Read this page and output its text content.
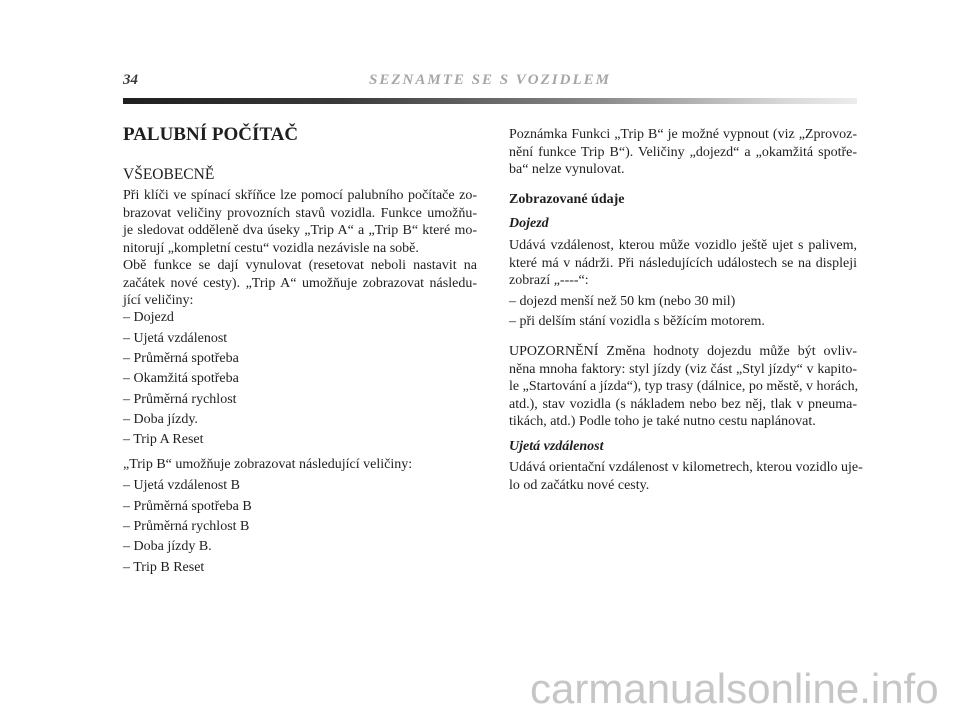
34	SEZNAMTE SE S VOZIDLEM
PALUBNÍ POČÍTAČ
VŠEOBECNĚ
Při klíči ve spínací skříňce lze pomocí palubního počítače zo-
brazovat veličiny provozních stavů vozidla. Funkce umožňu-
je sledovat odděleně dva úseky „Trip A“ a „Trip B“ které mo-
nitorují „kompletní cestu“ vozidla nezávisle na sobě.
Obě funkce se dají vynulovat (resetovat neboli nastavit na
začátek nové cesty). „Trip A“ umožňuje zobrazovat následu-
jící veličiny:
– Dojezd
– Ujetá vzdálenost
– Průměrná spotřeba
– Okamžitá spotřeba
– Průměrná rychlost
– Doba jízdy.
– Trip A Reset
„Trip B“ umožňuje zobrazovat následující veličiny:
– Ujetá vzdálenost B
– Průměrná spotřeba B
– Průměrná rychlost B
– Doba jízdy B.
– Trip B Reset
Poznámka Funkci „Trip B“ je možné vypnout (viz „Zprovoz-
nění funkce Trip B“). Veličiny „dojezd“ a „okamžitá spotře-
ba“ nelze vynulovat.
Zobrazované údaje
Dojezd
Udává vzdálenost, kterou může vozidlo ještě ujet s palivem,
které má v nádrži. Při následujících událostech se na displeji
zobrazí „----“:
– dojezd menší než 50 km (nebo 30 mil)
– při delším stání vozidla s běžícím motorem.
UPOZORNĚNÍ Změna hodnoty dojezdu může být ovliv-
něna mnoha faktory: styl jízdy (viz část „Styl jízdy“ v kapito-
le „Startování a jízda“), typ trasy (dálnice, po městě, v horách,
atd.), stav vozidla (s nákladem nebo bez něj, tlak v pneuma-
tikách, atd.) Podle toho je také nutno cestu naplánovat.
Ujetá vzdálenost
Udává orientační vzdálenost v kilometrech, kterou vozidlo uje-
lo od začátku nové cesty.
carmanualsonline.info
